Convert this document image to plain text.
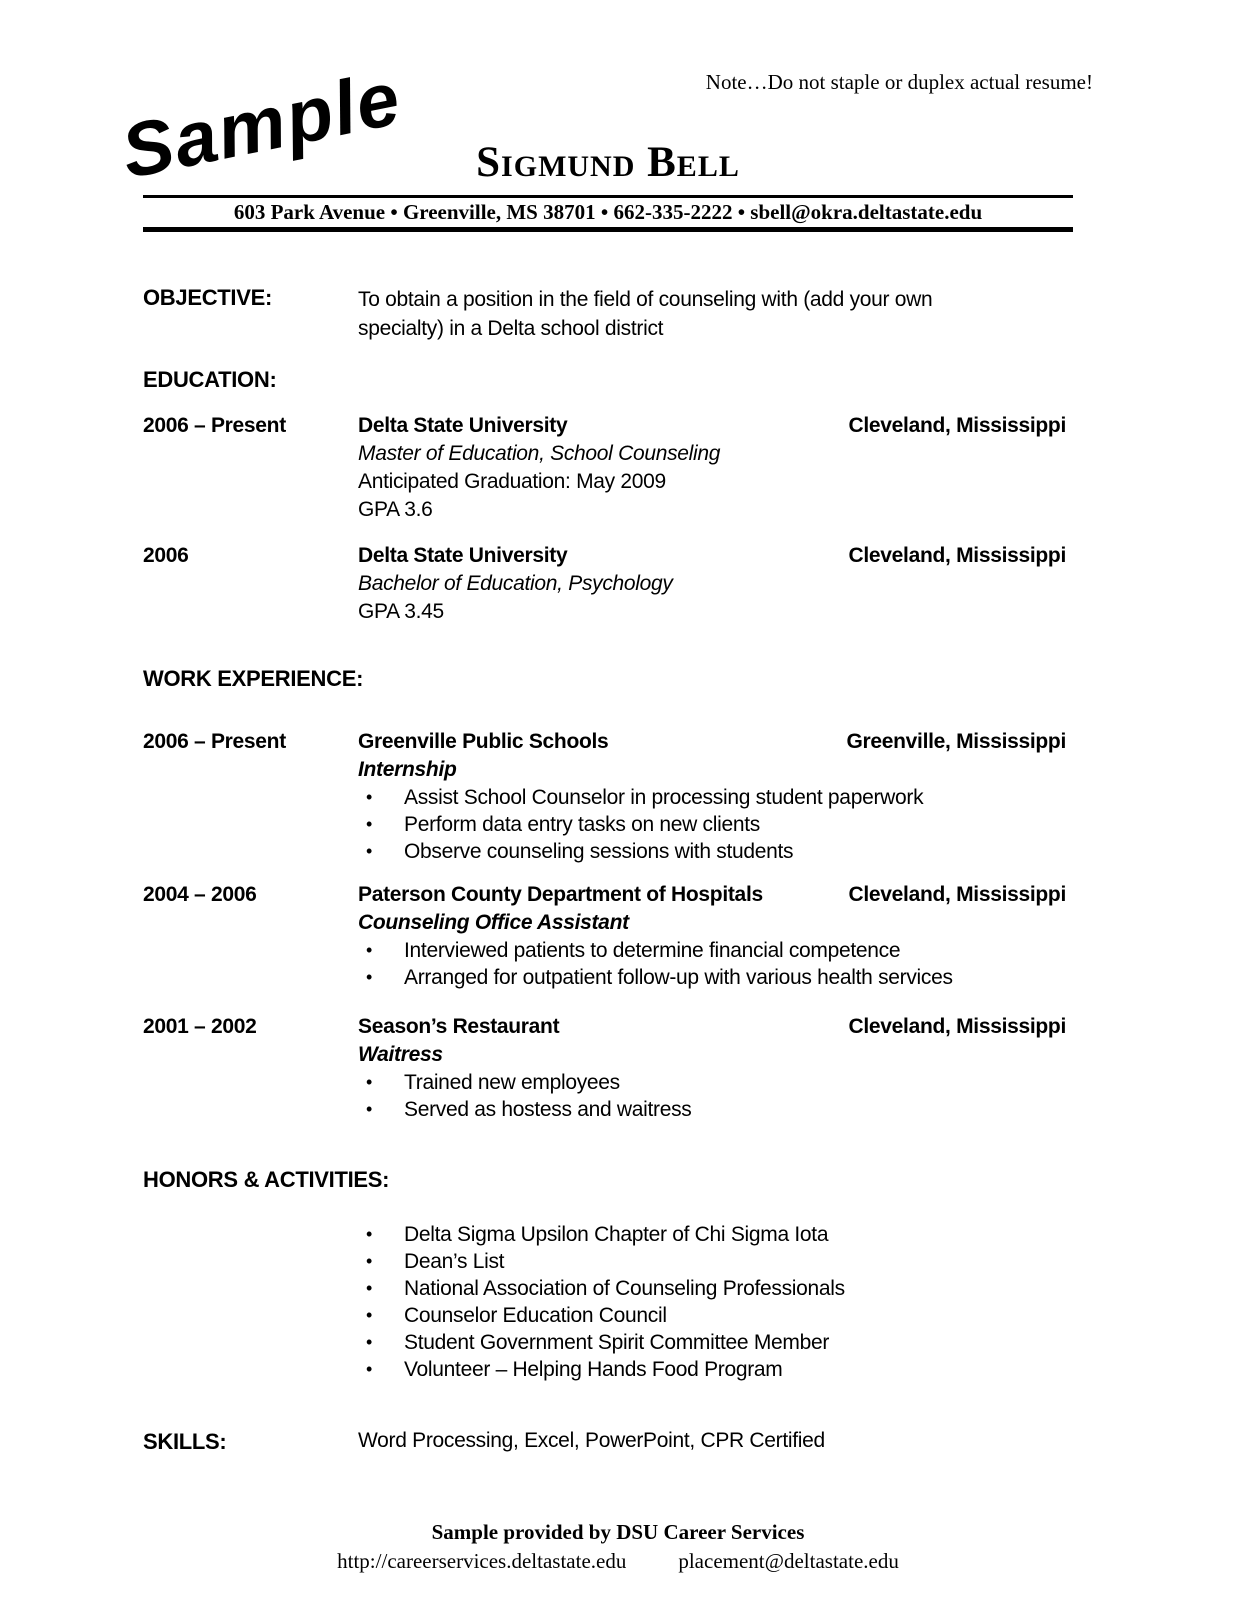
Sample	Note…Do not staple or duplex actual resume!
Sigmund Bell
603 Park Avenue • Greenville, MS 38701 • 662-335-2222 • sbell@okra.deltastate.edu
OBJECTIVE:	To obtain a position in the field of counseling with (add your own specialty) in a Delta school district
EDUCATION:
2006 – Present	Delta State University	Cleveland, Mississippi
Master of Education, School Counseling
Anticipated Graduation: May 2009
GPA 3.6
2006	Delta State University	Cleveland, Mississippi
Bachelor of Education, Psychology
GPA 3.45
WORK EXPERIENCE:
2006 – Present	Greenville Public Schools	Greenville, Mississippi
Internship
•	Assist School Counselor in processing student paperwork
•	Perform data entry tasks on new clients
•	Observe counseling sessions with students
2004 – 2006	Paterson County Department of Hospitals	Cleveland, Mississippi
Counseling Office Assistant
•	Interviewed patients to determine financial competence
•	Arranged for outpatient follow-up with various health services
2001 – 2002	Season’s Restaurant	Cleveland, Mississippi
Waitress
•	Trained new employees
•	Served as hostess and waitress
HONORS & ACTIVITIES:
•	Delta Sigma Upsilon Chapter of Chi Sigma Iota
•	Dean’s List
•	National Association of Counseling Professionals
•	Counselor Education Council
•	Student Government Spirit Committee Member
•	Volunteer – Helping Hands Food Program
SKILLS:	Word Processing, Excel, PowerPoint, CPR Certified
Sample provided by DSU Career Services
http://careerservices.deltastate.edu placement@deltastate.edu
